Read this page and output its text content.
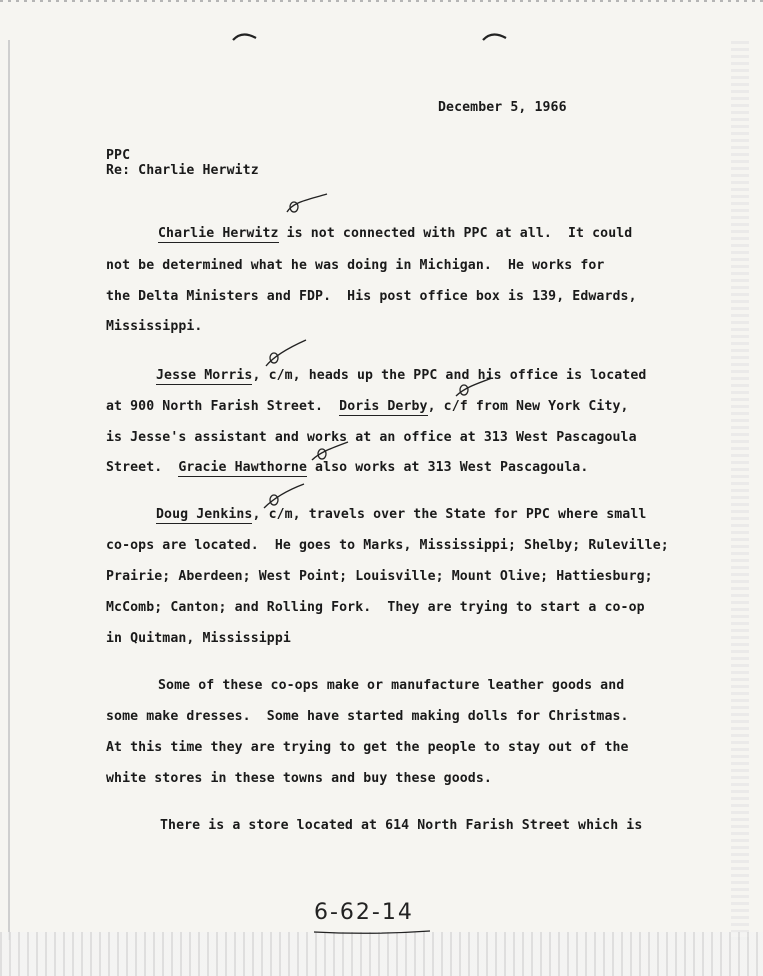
December 5, 1966
PPC
Re: Charlie Herwitz
Charlie Herwitz is not connected with PPC at all.  It could
not be determined what he was doing in Michigan.  He works for
the Delta Ministers and FDP.  His post office box is 139, Edwards,
Mississippi.
Jesse Morris, c/m, heads up the PPC and his office is located
at 900 North Farish Street.  Doris Derby, c/f from New York City,
is Jesse's assistant and works at an office at 313 West Pascagoula
Street.  Gracie Hawthorne also works at 313 West Pascagoula.
Doug Jenkins, c/m, travels over the State for PPC where small
co-ops are located.  He goes to Marks, Mississippi; Shelby; Ruleville;
Prairie; Aberdeen; West Point; Louisville; Mount Olive; Hattiesburg;
McComb; Canton; and Rolling Fork.  They are trying to start a co-op
in Quitman, Mississippi
Some of these co-ops make or manufacture leather goods and
some make dresses.  Some have started making dolls for Christmas.
At this time they are trying to get the people to stay out of the
white stores in these towns and buy these goods.
There is a store located at 614 North Farish Street which is
6-62-14
